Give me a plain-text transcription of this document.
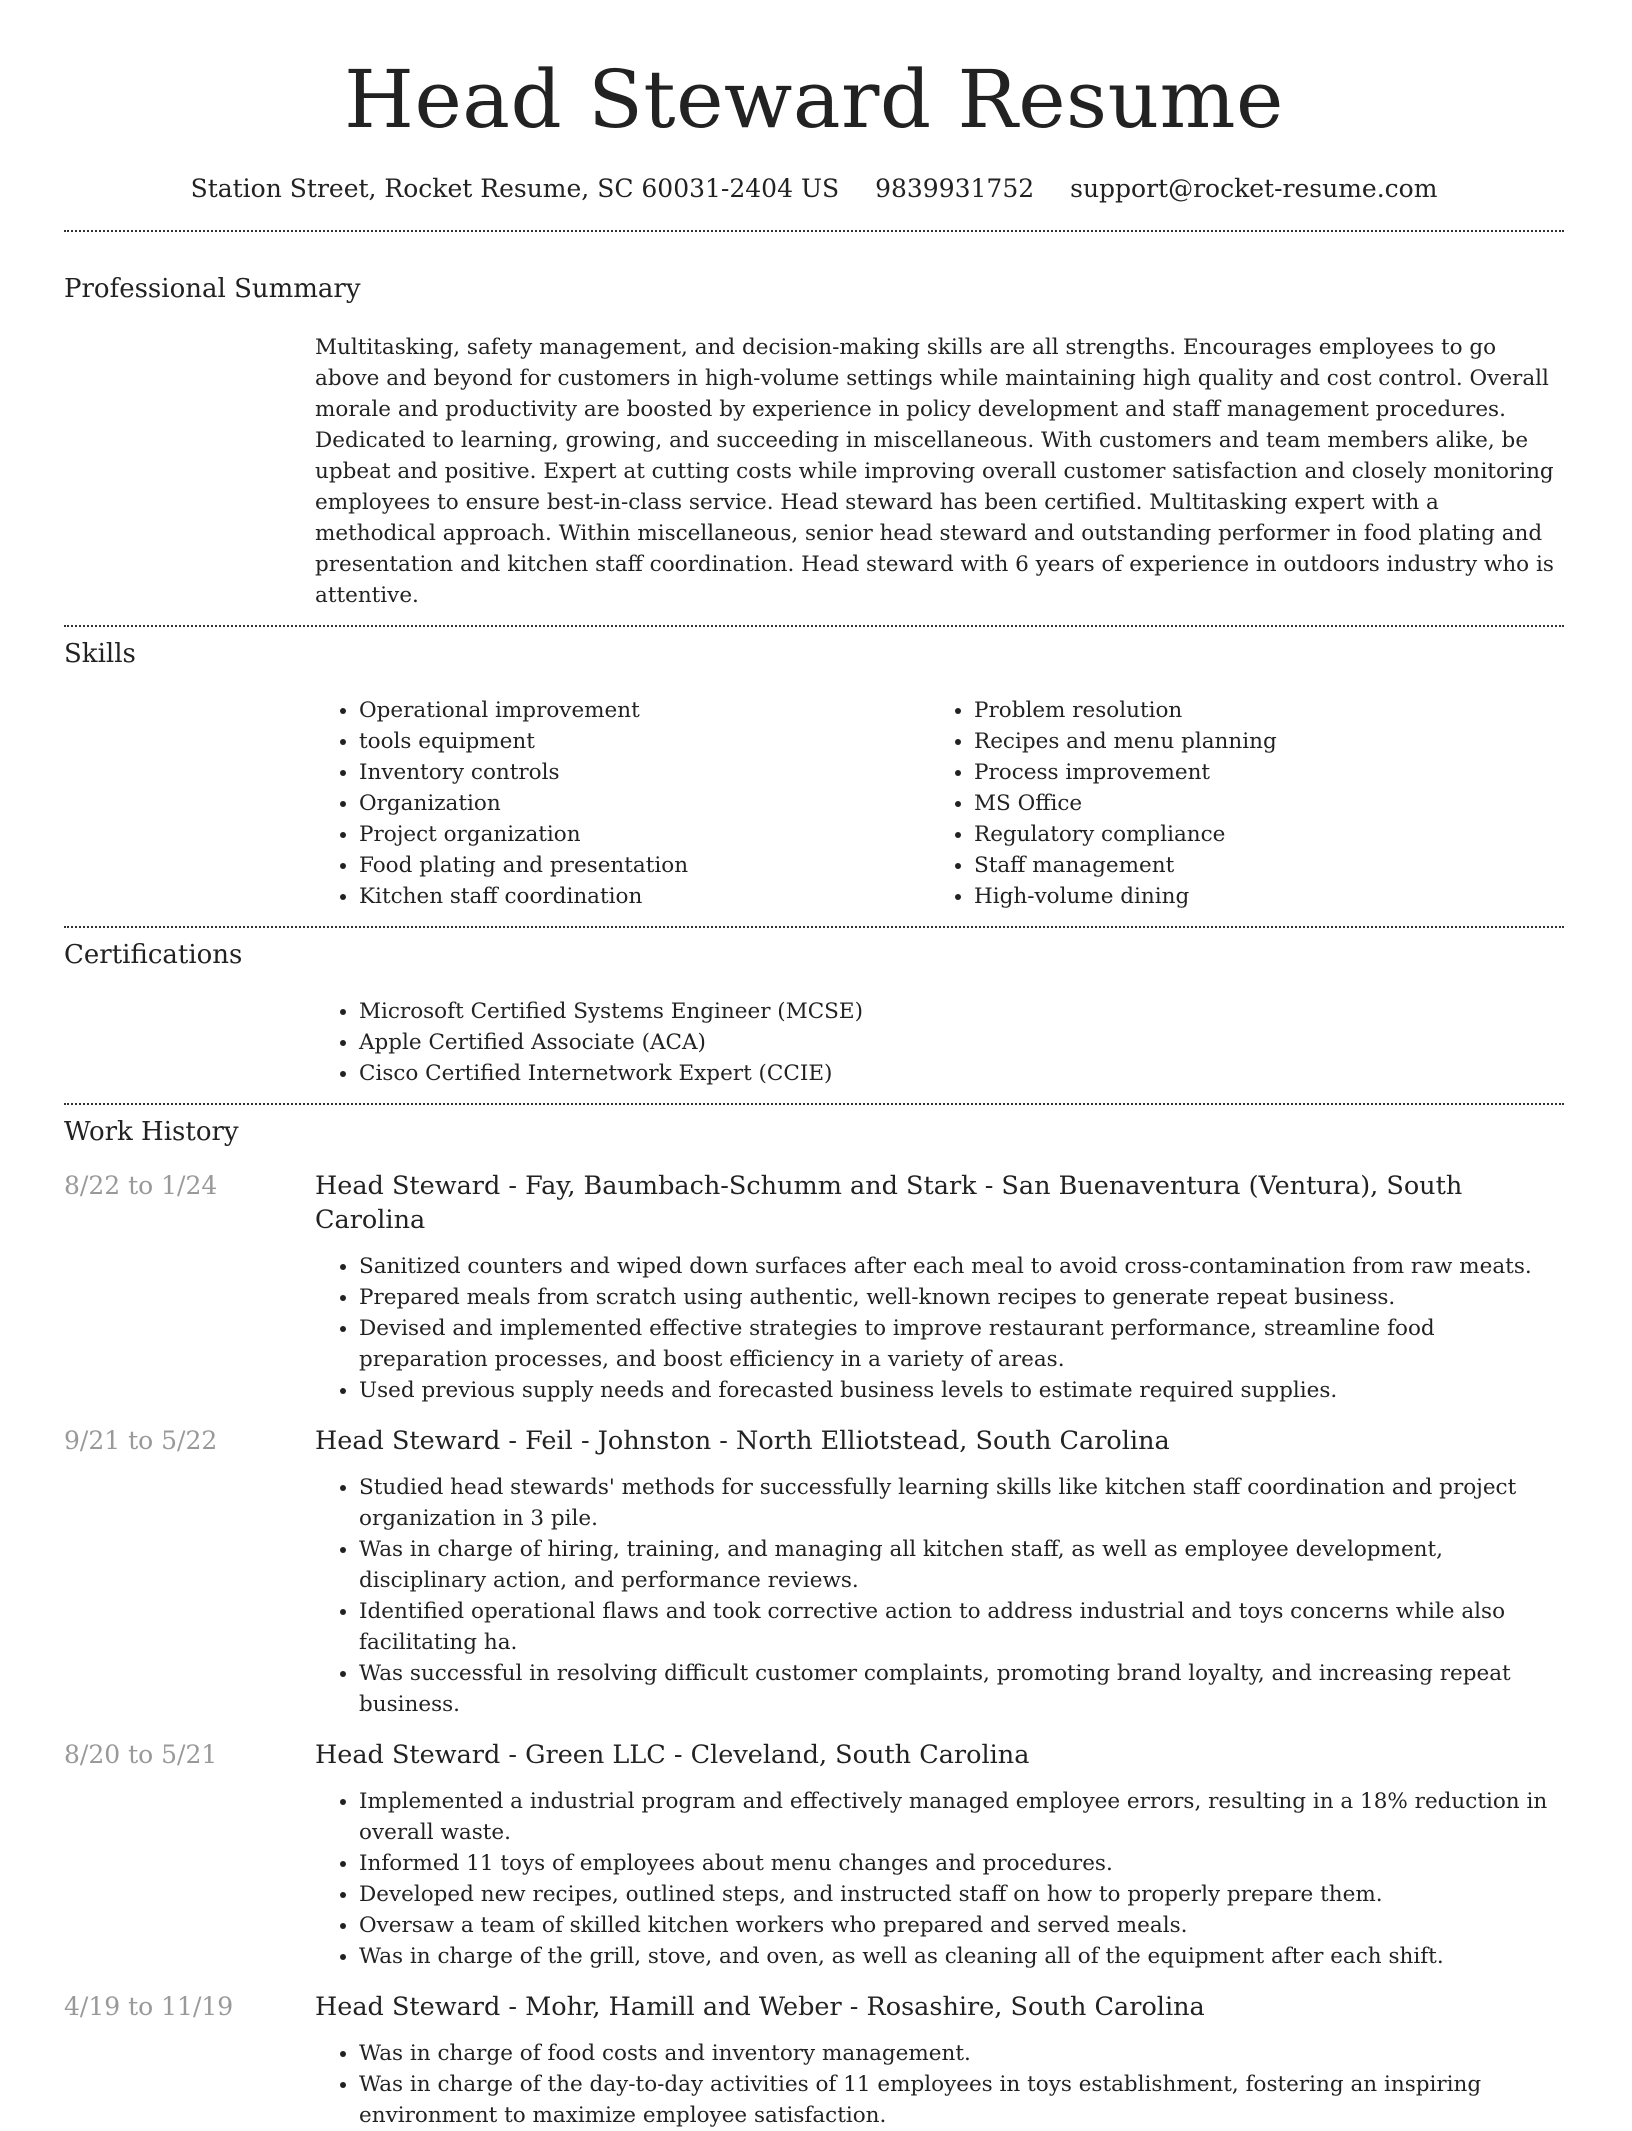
Head Steward Resume
Station Street, Rocket Resume, SC 60031-2404 US 9839931752 support@rocket-resume.com
Professional Summary

Multitasking, safety management, and decision-making skills are all strengths. Encourages employees to go above and beyond for customers in high-volume settings while maintaining high quality and cost control. Overall morale and productivity are boosted by experience in policy development and staff management procedures. Dedicated to learning, growing, and succeeding in miscellaneous. With customers and team members alike, be upbeat and positive. Expert at cutting costs while improving overall customer satisfaction and closely monitoring employees to ensure best-in-class service. Head steward has been certified. Multitasking expert with a methodical approach. Within miscellaneous, senior head steward and outstanding performer in food plating and presentation and kitchen staff coordination. Head steward with 6 years of experience in outdoors industry who is attentive.

Skills
• Operational improvement
• tools equipment
• Inventory controls
• Organization
• Project organization
• Food plating and presentation
• Kitchen staff coordination
• Problem resolution
• Recipes and menu planning
• Process improvement
• MS Office
• Regulatory compliance
• Staff management
• High-volume dining
Certifications
• Microsoft Certified Systems Engineer (MCSE)
• Apple Certified Associate (ACA)
• Cisco Certified Internetwork Expert (CCIE)
Work History
8/22 to 1/24	Head Steward - Fay, Baumbach-Schumm and Stark - San Buenaventura (Ventura), South Carolina
• Sanitized counters and wiped down surfaces after each meal to avoid cross-contamination from raw meats.
• Prepared meals from scratch using authentic, well-known recipes to generate repeat business.
• Devised and implemented effective strategies to improve restaurant performance, streamline food preparation processes, and boost efficiency in a variety of areas.
• Used previous supply needs and forecasted business levels to estimate required supplies.
9/21 to 5/22	Head Steward - Feil - Johnston - North Elliotstead, South Carolina
• Studied head stewards' methods for successfully learning skills like kitchen staff coordination and project organization in 3 pile.
• Was in charge of hiring, training, and managing all kitchen staff, as well as employee development, disciplinary action, and performance reviews.
• Identified operational flaws and took corrective action to address industrial and toys concerns while also facilitating ha.
• Was successful in resolving difficult customer complaints, promoting brand loyalty, and increasing repeat business.
8/20 to 5/21	Head Steward - Green LLC - Cleveland, South Carolina
• Implemented a industrial program and effectively managed employee errors, resulting in a 18% reduction in overall waste.
• Informed 11 toys of employees about menu changes and procedures.
• Developed new recipes, outlined steps, and instructed staff on how to properly prepare them.
• Oversaw a team of skilled kitchen workers who prepared and served meals.
• Was in charge of the grill, stove, and oven, as well as cleaning all of the equipment after each shift.
4/19 to 11/19	Head Steward - Mohr, Hamill and Weber - Rosashire, South Carolina
• Was in charge of food costs and inventory management.
• Was in charge of the day-to-day activities of 11 employees in toys establishment, fostering an inspiring environment to maximize employee satisfaction.
